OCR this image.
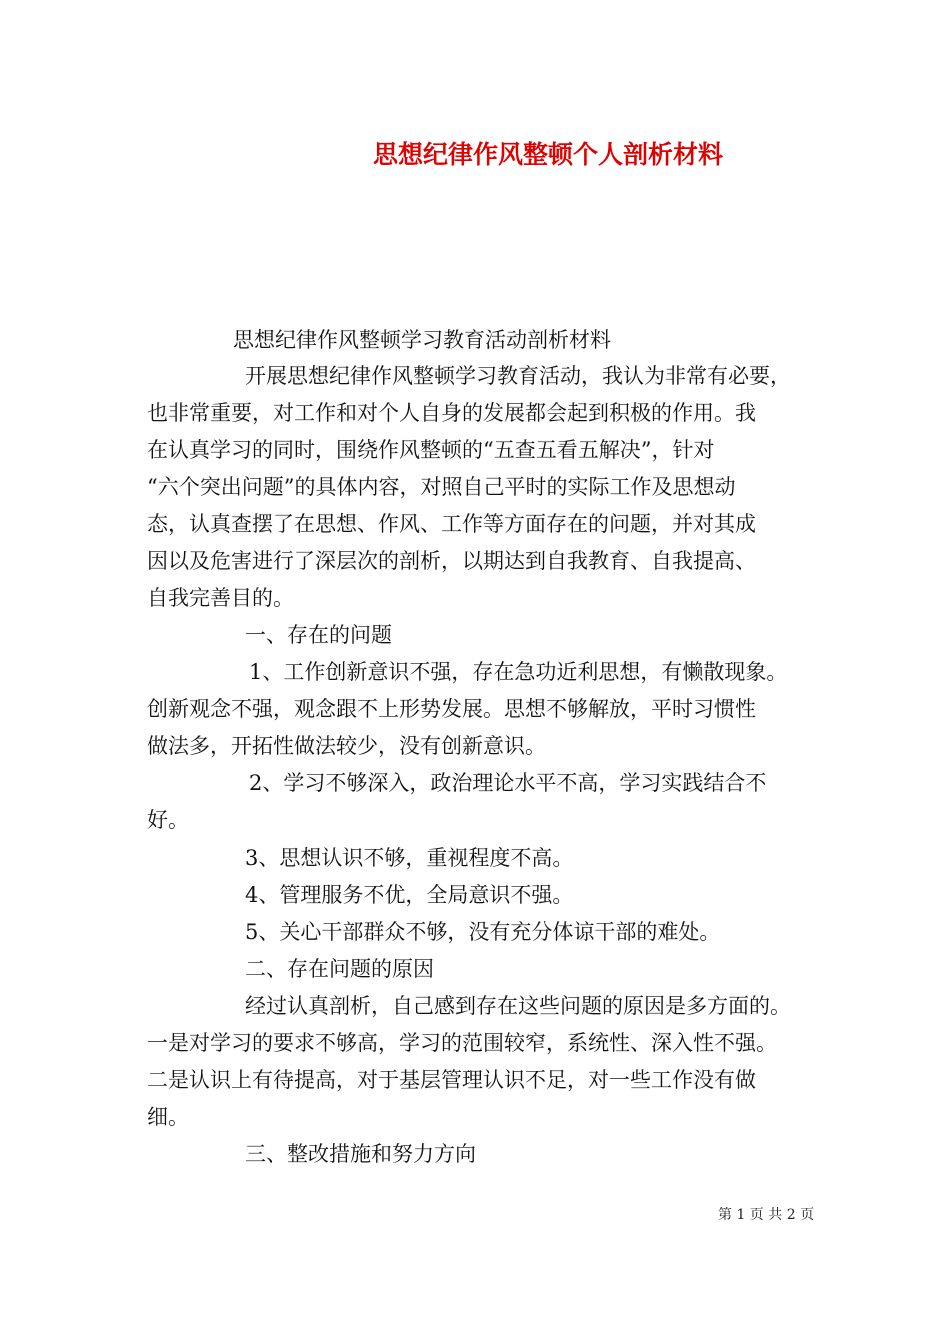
思想纪律作风整顿个人剖析材料
思想纪律作风整顿学习教育活动剖析材料
开展思想纪律作风整顿学习教育活动，我认为非常有必要，
也非常重要，对工作和对个人自身的发展都会起到积极的作用。我
在认真学习的同时，围绕作风整顿的“五查五看五解决”，针对
“六个突出问题”的具体内容，对照自己平时的实际工作及思想动
态，认真查摆了在思想、作风、工作等方面存在的问题，并对其成
因以及危害进行了深层次的剖析，以期达到自我教育、自我提高、
自我完善目的。
一、存在的问题
1、工作创新意识不强，存在急功近利思想，有懒散现象。
创新观念不强，观念跟不上形势发展。思想不够解放，平时习惯性
做法多，开拓性做法较少，没有创新意识。
2、学习不够深入，政治理论水平不高，学习实践结合不
好。
3、思想认识不够，重视程度不高。
4、管理服务不优，全局意识不强。
5、关心干部群众不够，没有充分体谅干部的难处。
二、存在问题的原因
经过认真剖析，自己感到存在这些问题的原因是多方面的。
一是对学习的要求不够高，学习的范围较窄，系统性、深入性不强。
二是认识上有待提高，对于基层管理认识不足，对一些工作没有做
细。
三、整改措施和努力方向
第 1 页 共 2 页
